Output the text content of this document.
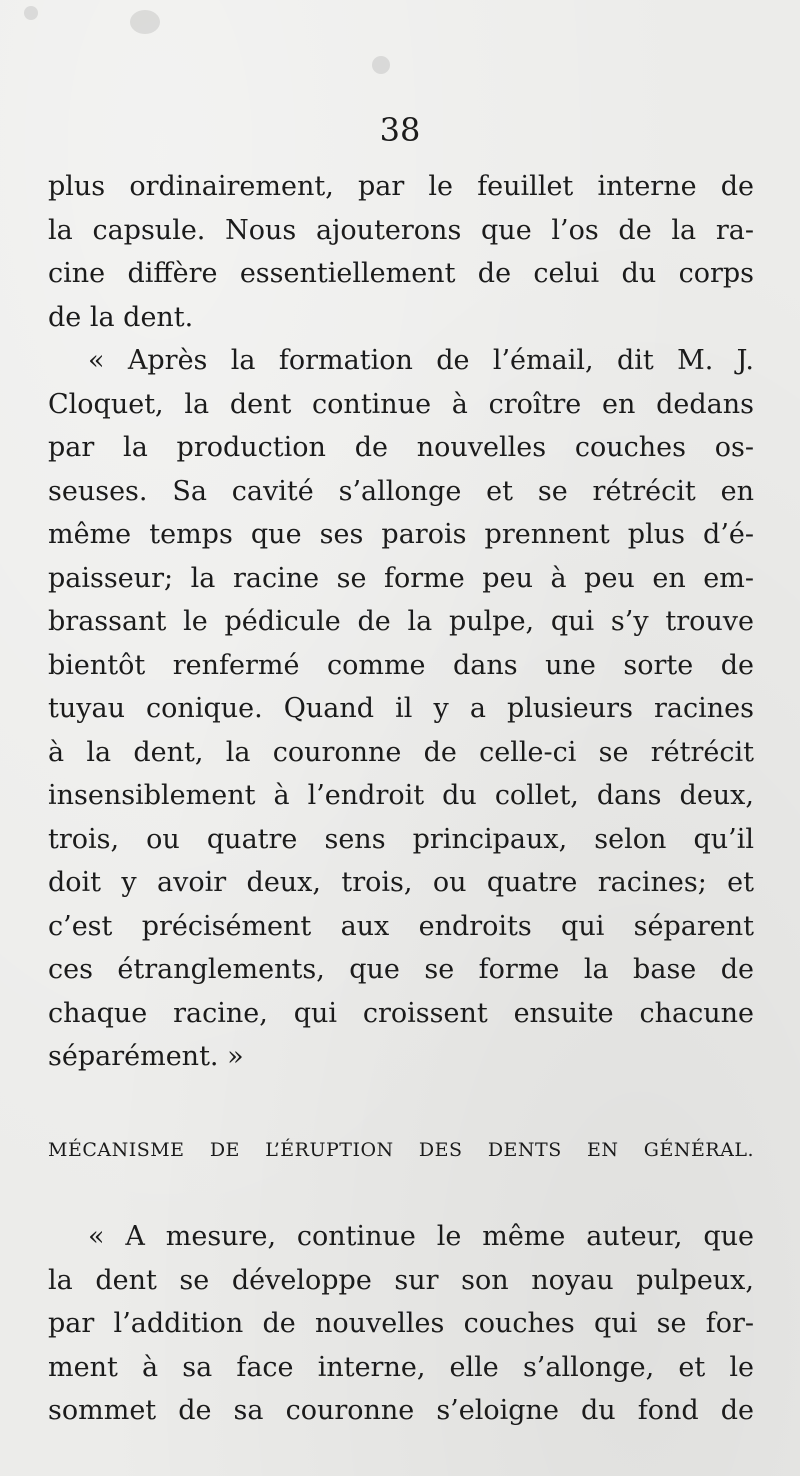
38
plus ordinairement, par le feuillet interne de
la capsule. Nous ajouterons que l’os de la ra-
cine diffère essentiellement de celui du corps
de la dent.
« Après la formation de l’émail, dit M. J.
Cloquet, la dent continue à croître en dedans
par la production de nouvelles couches os-
seuses. Sa cavité s’allonge et se rétrécit en
même temps que ses parois prennent plus d’é-
paisseur; la racine se forme peu à peu en em-
brassant le pédicule de la pulpe, qui s’y trouve
bientôt renfermé comme dans une sorte de
tuyau conique. Quand il y a plusieurs racines
à la dent, la couronne de celle-ci se rétrécit
insensiblement à l’endroit du collet, dans deux,
trois, ou quatre sens principaux, selon qu’il
doit y avoir deux, trois, ou quatre racines; et
c’est précisément aux endroits qui séparent
ces étranglements, que se forme la base de
chaque racine, qui croissent ensuite chacune
séparément. »
MÉCANISME DE L’ÉRUPTION DES DENTS EN GÉNÉRAL.
« A mesure, continue le même auteur, que
la dent se développe sur son noyau pulpeux,
par l’addition de nouvelles couches qui se for-
ment à sa face interne, elle s’allonge, et le
sommet de sa couronne s’eloigne du fond de
